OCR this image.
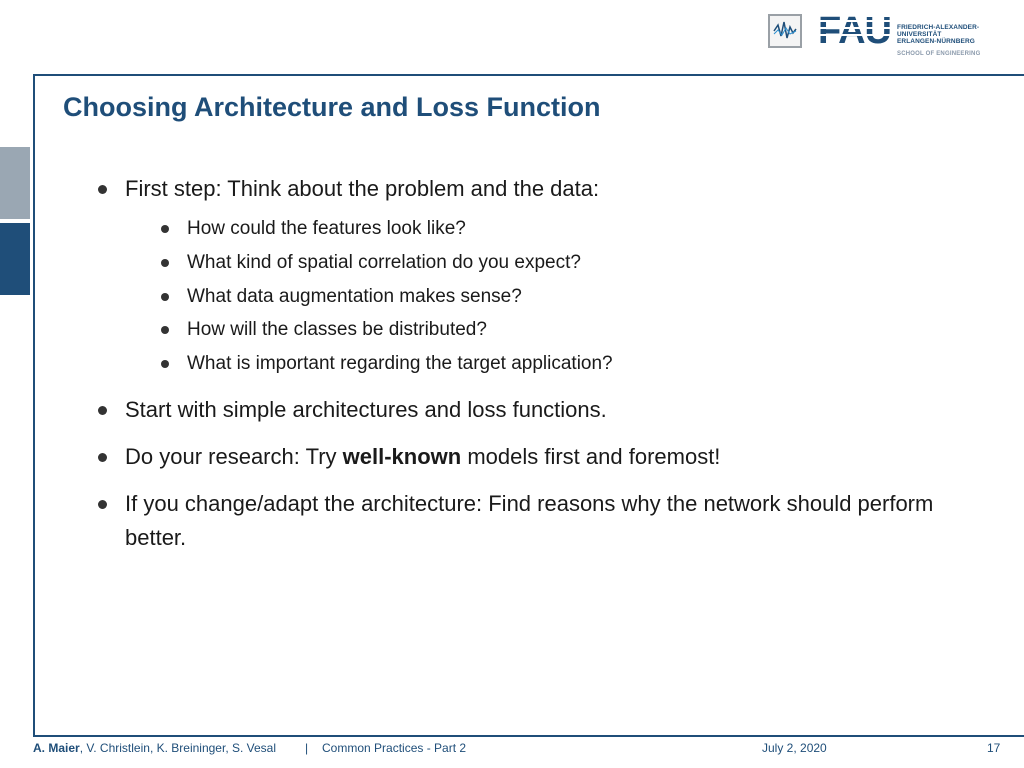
FRIEDRICH-ALEXANDER-
UNIVERSITÄT
ERLANGEN-NÜRNBERG
SCHOOL OF ENGINEERING
Choosing Architecture and Loss Function
First step: Think about the problem and the data:
How could the features look like?
What kind of spatial correlation do you expect?
What data augmentation makes sense?
How will the classes be distributed?
What is important regarding the target application?
Start with simple architectures and loss functions.
Do your research: Try well-known models first and foremost!
If you change/adapt the architecture: Find reasons why the network should perform better.
A. Maier, V. Christlein, K. Breininger, S. Vesal | Common Practices - Part 2	July 2, 2020	17
